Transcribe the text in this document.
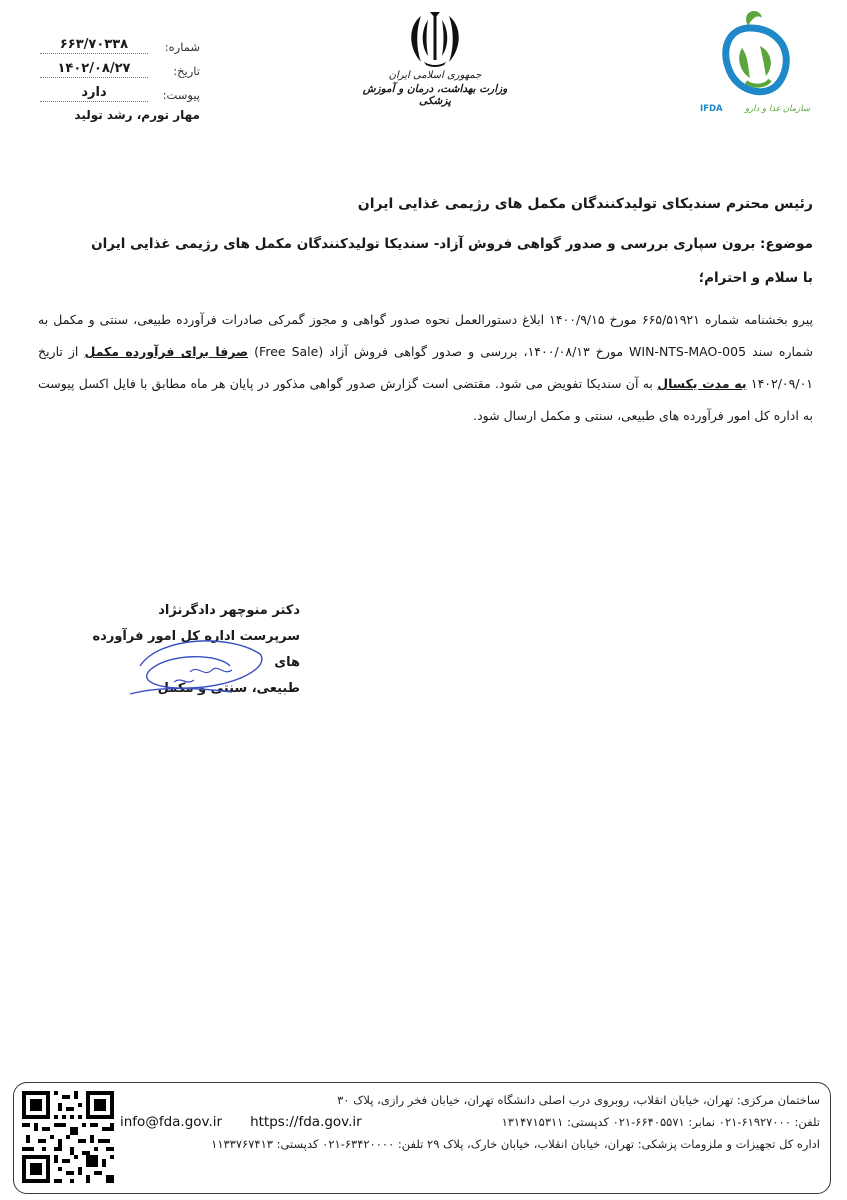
شماره:
۶۶۳/۷۰۳۳۸
تاریخ:
۱۴۰۲/۰۸/۲۷
پیوست:
دارد
مهار تورم، رشد تولید
جمهوری اسلامی ایران
وزارت بهداشت، درمان و آموزش پزشکی
IFDA	سازمان غذا و دارو

رئیس محترم سندیکای تولیدکنندگان مکمل های رژیمی غذایی ایران

موضوع: برون سپاری بررسی و صدور گواهی فروش آزاد- سندیکا تولیدکنندگان مکمل های رژیمی غذایی ایران

با سلام و احترام؛

پیرو بخشنامه شماره ۶۶۵/۵۱۹۲۱ مورخ ۱۴۰۰/۹/۱۵ ابلاغ دستورالعمل نحوه صدور گواهی و مجوز گمرکی صادرات فرآورده طبیعی، سنتی و مکمل به شماره سند WIN-NTS-MAO-005 مورخ ۱۴۰۰/۰۸/۱۳، بررسی و صدور گواهی فروش آزاد (Free Sale) صرفا برای فرآورده مکمل از تاریخ ۱۴۰۲/۰۹/۰۱ به مدت یکسال به آن سندیکا تفویض می شود. مقتضی است گزارش صدور گواهی مذکور در پایان هر ماه مطابق با فایل اکسل پیوست به اداره کل امور فرآورده های طبیعی، سنتی و مکمل ارسال شود.

دکتر منوچهر دادگرنژاد
سرپرست اداره کل امور فرآورده های
طبیعی، سنتی و مکمل
ساختمان مرکزی: تهران، خیابان انقلاب، روبروی درب اصلی دانشگاه تهران، خیابان فخر رازی، پلاک ۳۰
تلفن: ۶۱۹۲۷۰۰۰-۰۲۱ نمابر: ۶۶۴۰۵۵۷۱-۰۲۱ کدپستی: ۱۳۱۴۷۱۵۳۱۱
info@fda.gov.ir https://fda.gov.ir
اداره کل تجهیزات و ملزومات پزشکی: تهران، خیابان انقلاب، خیابان خارک، پلاک ۲۹ تلفن: ۶۳۴۲۰۰۰۰-۰۲۱ کدپستی: ۱۱۳۳۷۶۷۴۱۳
